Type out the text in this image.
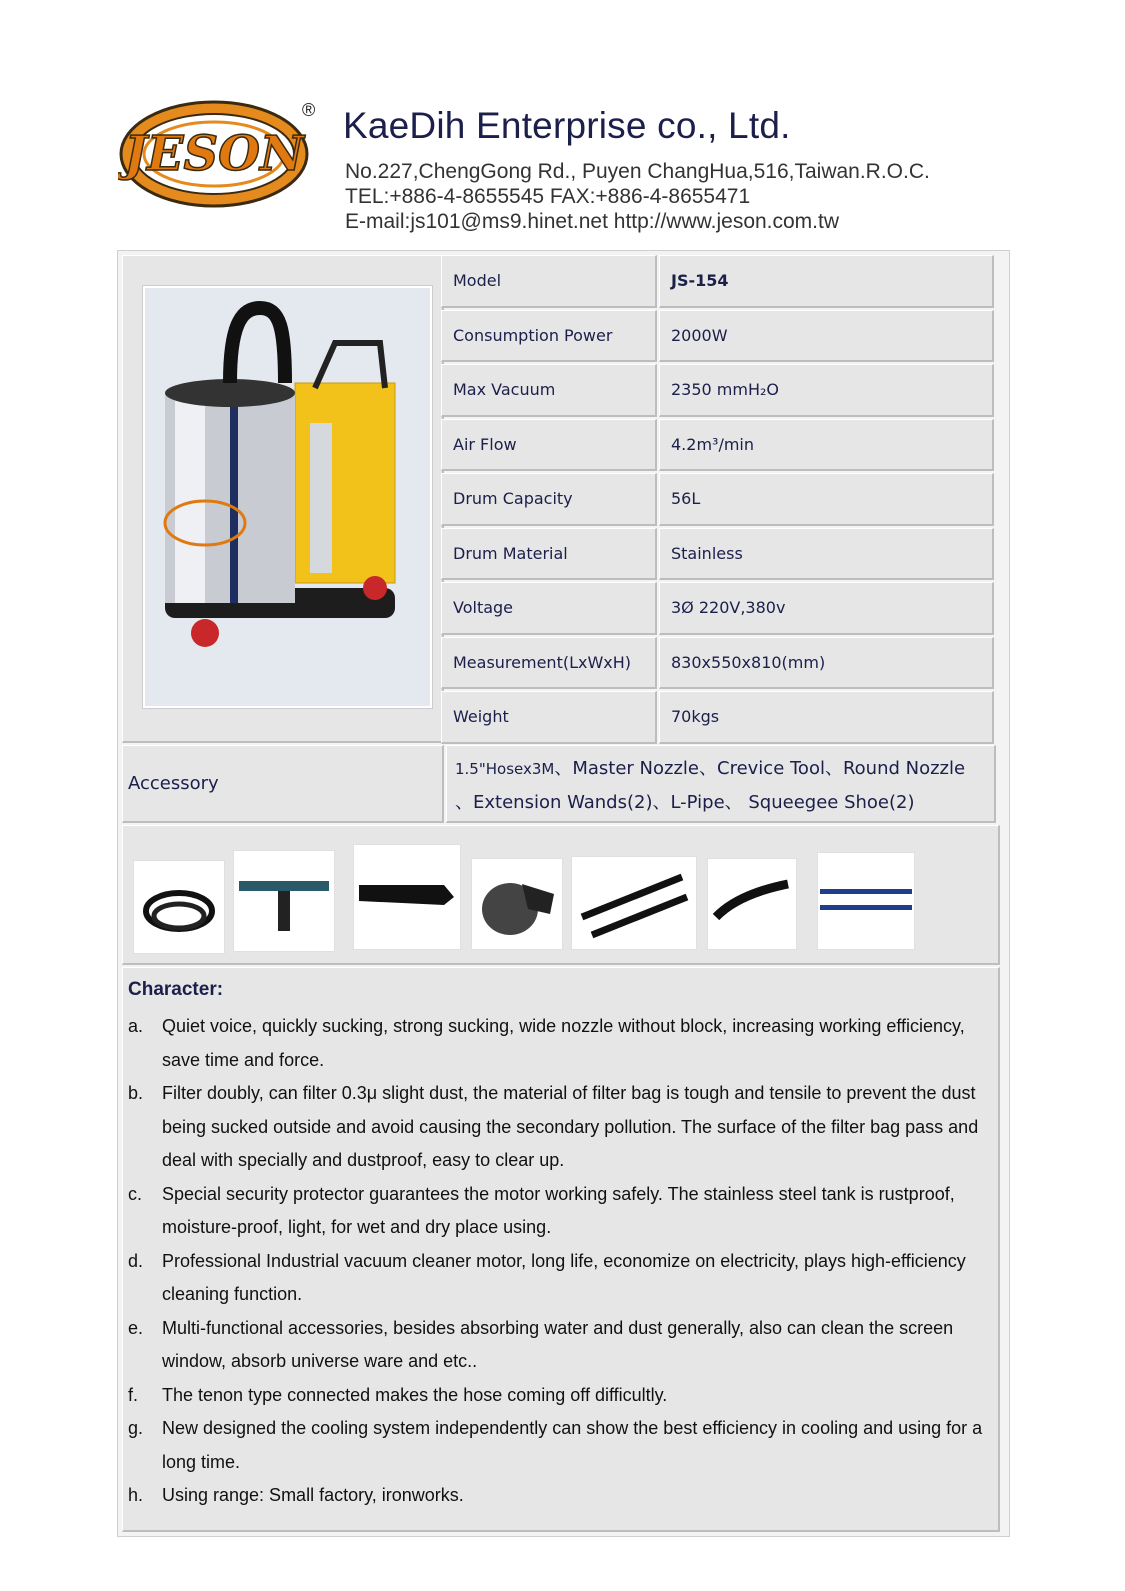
JESON
® KaeDih Enterprise co., Ltd.
No.227,ChengGong Rd., Puyen ChangHua,516,Taiwan.R.O.C.
TEL:+886-4-8655545 FAX:+886-4-8655471
E-mail:js101@ms9.hinet.net http://www.jeson.com.tw
Model	JS-154
Consumption Power	2000W
Max Vacuum	2350 mmH₂O
Air Flow	4.2m³/min
Drum Capacity	56L
Drum Material	Stainless
Voltage	3Ø 220V,380v
Measurement(LxWxH)	830x550x810(mm)
Weight	70kgs
Accessory
1.5"Hosex3M、Master Nozzle、Crevice Tool、Round Nozzle
、Extension Wands(2)、L-Pipe、 Squeegee Shoe(2)
Character:
a. Quiet voice, quickly sucking, strong sucking, wide nozzle without block, increasing working efficiency, save time and force.
b. Filter doubly, can filter 0.3μ slight dust, the material of filter bag is tough and tensile to prevent the dust being sucked outside and avoid causing the secondary pollution. The surface of the filter bag pass and deal with specially and dustproof, easy to clear up.
c. Special security protector guarantees the motor working safely. The stainless steel tank is rustproof, moisture-proof, light, for wet and dry place using.
d. Professional Industrial vacuum cleaner motor, long life, economize on electricity, plays high-efficiency cleaning function.
e. Multi-functional accessories, besides absorbing water and dust generally, also can clean the screen window, absorb universe ware and etc..
f. The tenon type connected makes the hose coming off difficultly.
g. New designed the cooling system independently can show the best efficiency in cooling and using for a long time.
h. Using range: Small factory, ironworks.
